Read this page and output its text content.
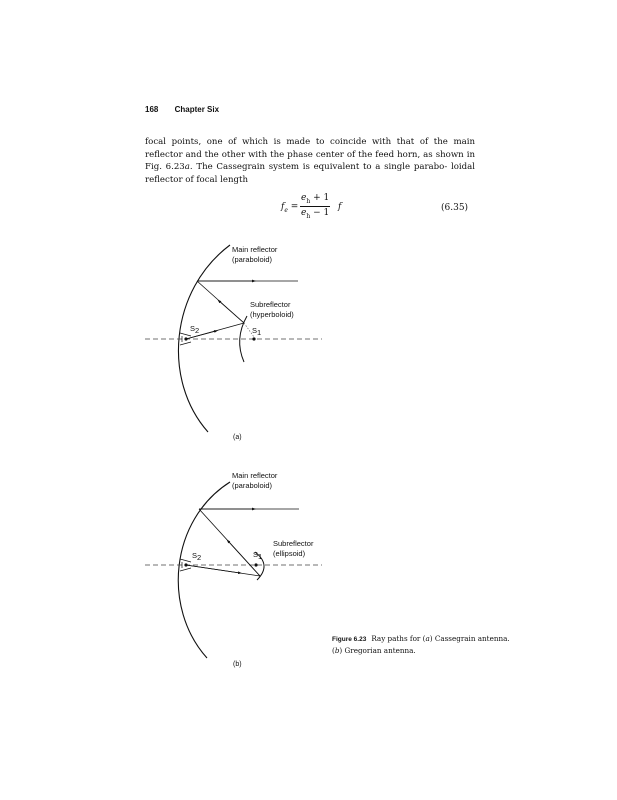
168 Chapter Six

focal points, one of which is made to coincide with that of the main reflector and the other with the phase center of the feed horn, as shown in Fig. 6.23a. The Cassegrain system is equivalent to a single parabo- loidal reflector of focal length

$f_e = \frac{e_h + 1}{e_h - 1}$ f	(6.35)
Main reflector
(paraboloid)
Subreflector
(hyperboloid)
S2	S1
(a)
Main reflector
(paraboloid)
Subreflector
(ellipsoid)
S2	S1
(b)
Figure 6.23 Ray paths for (a) Cassegrain antenna. (b) Gregorian antenna.
